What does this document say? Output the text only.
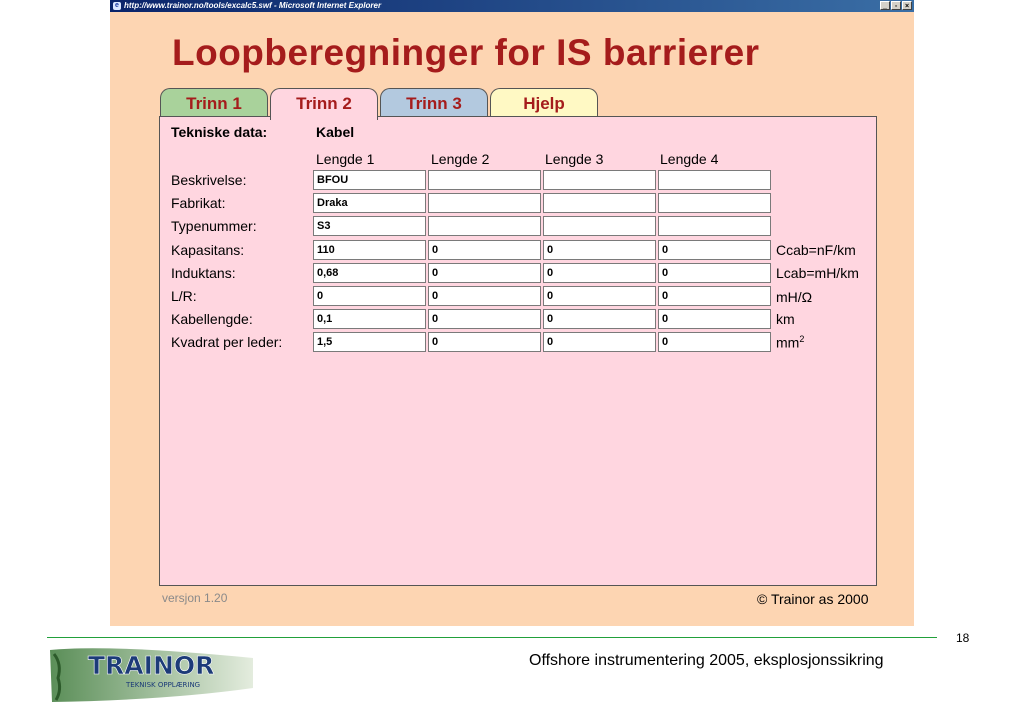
e http://www.trainor.no/tools/excalc5.swf - Microsoft Internet Explorer	_	▫	×
Loopberegninger for IS barrierer
Trinn 1	Trinn 2	Trinn 3	Hjelp
Tekniske data:	Kabel
Lengde 1	Lengde 2	Lengde 3	Lengde 4
Beskrivelse:	BFOU
Fabrikat:	Draka
Typenummer:	S3
Kapasitans:	110	0	0	0	Ccab=nF/km
Induktans:	0,68	0	0	0	Lcab=mH/km
L/R:	0	0	0	0	mH/Ω
Kabellengde:	0,1	0	0	0	km
Kvadrat per leder:	1,5	0	0	0	$mm^2$
versjon 1.20	© Trainor as 2000
18
Offshore instrumentering 2005, eksplosjonssikring
TRAINOR
TEKNISK OPPLÆRING
